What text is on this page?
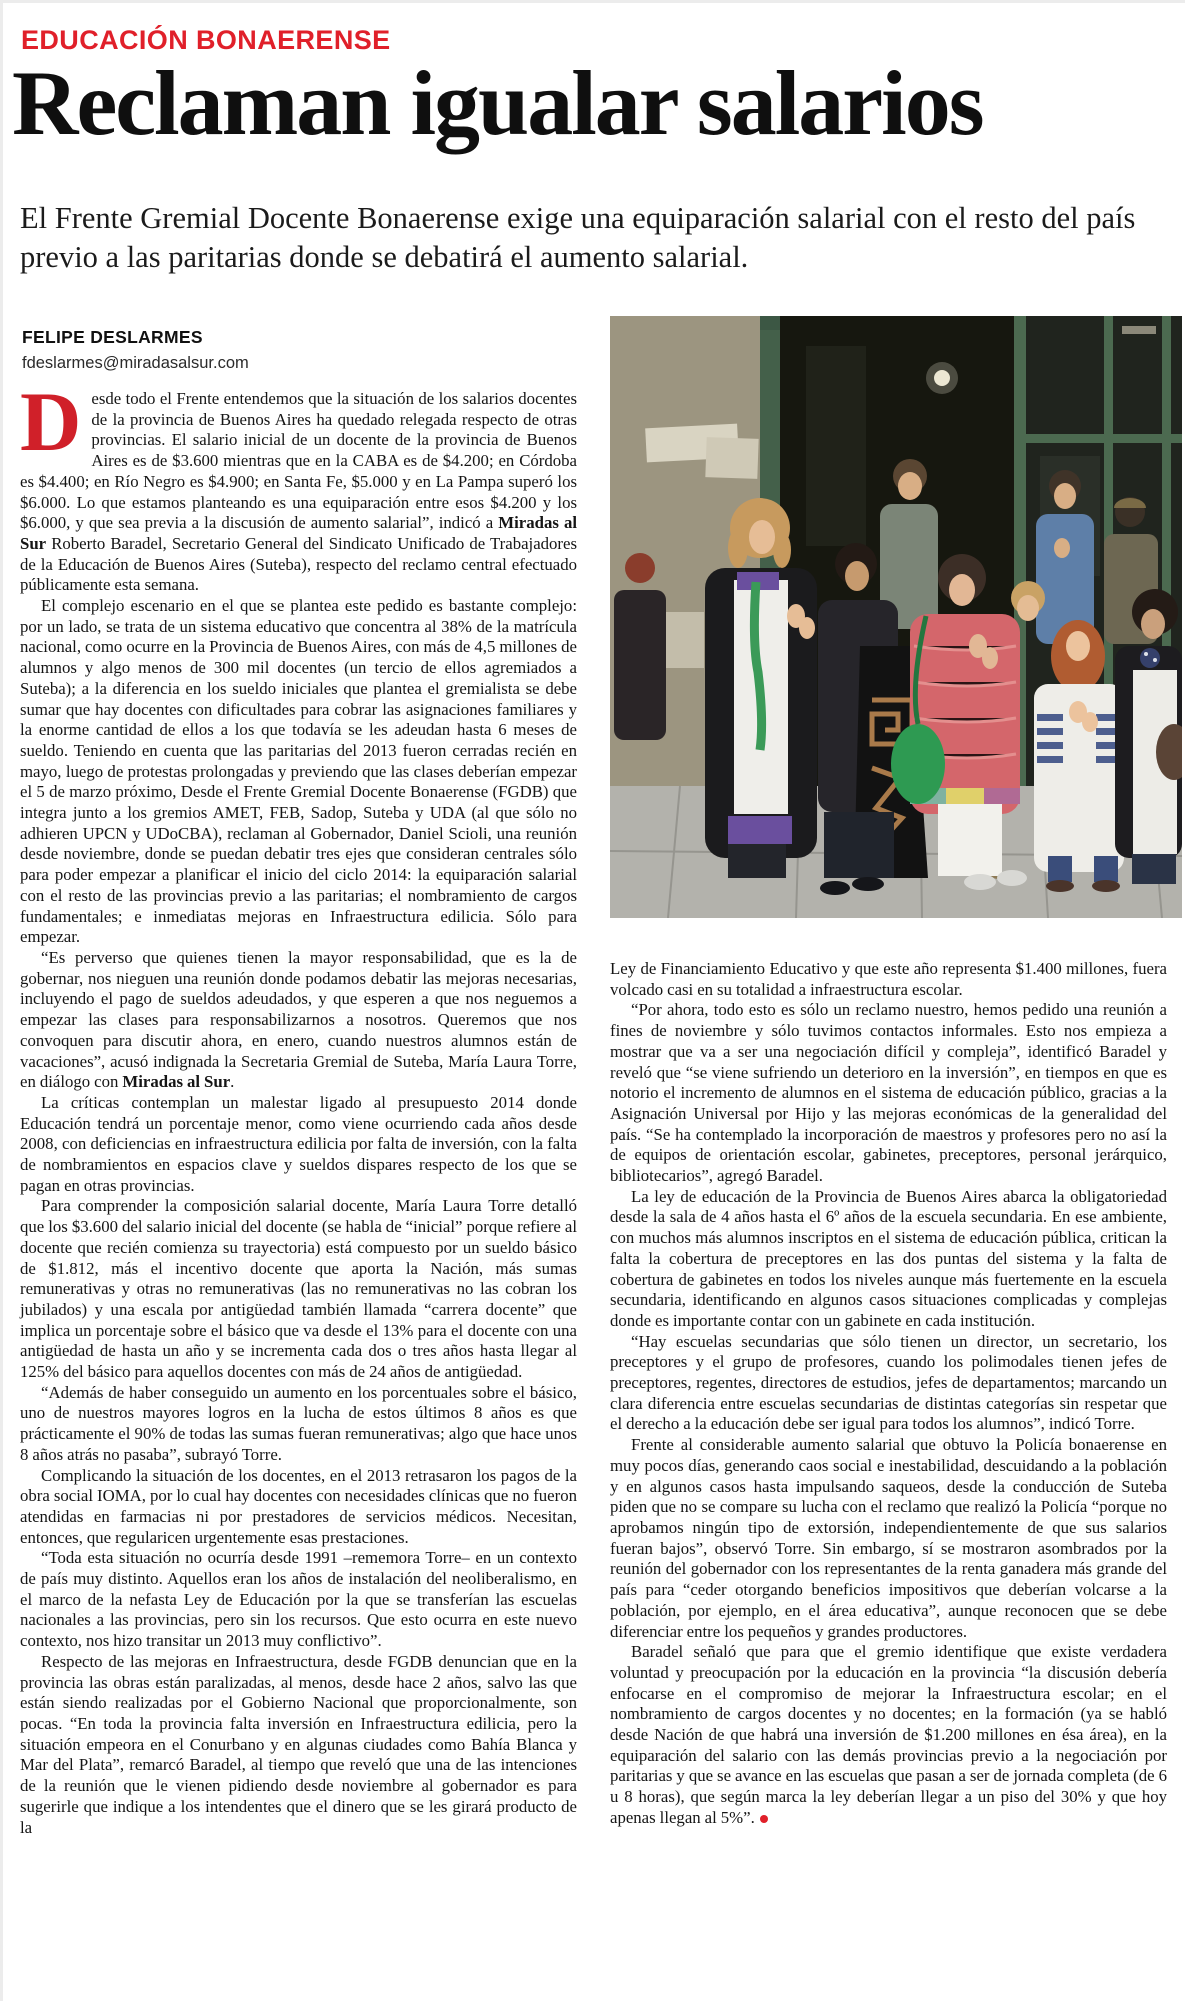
EDUCACIÓN BONAERENSE
Reclaman igualar salarios
El Frente Gremial Docente Bonaerense exige una equiparación salarial con el resto del país previo a las paritarias donde se debatirá el aumento salarial.
FELIPE DESLARMES
fdeslarmes@miradasalsur.com

Desde todo el Frente entendemos que la situación de los salarios docentes de la provincia de Buenos Aires ha quedado relegada respecto de otras provincias. El salario inicial de un docente de la provincia de Buenos Aires es de $3.600 mientras que en la CABA es de $4.200; en Córdoba es $4.400; en Río Negro es $4.900; en Santa Fe, $5.000 y en La Pampa superó los $6.000. Lo que estamos planteando es una equiparación entre esos $4.200 y los $6.000, y que sea previa a la discusión de aumento salarial”, indicó a Miradas al Sur Roberto Baradel, Secretario General del Sindicato Unificado de Trabajadores de la Educación de Buenos Aires (Suteba), respecto del reclamo central efectuado públicamente esta semana.

El complejo escenario en el que se plantea este pedido es bastante complejo: por un lado, se trata de un sistema educativo que concentra al 38% de la matrícula nacional, como ocurre en la Provincia de Buenos Aires, con más de 4,5 millones de alumnos y algo menos de 300 mil docentes (un tercio de ellos agremiados a Suteba); a la diferencia en los sueldo iniciales que plantea el gremialista se debe sumar que hay docentes con dificultades para cobrar las asignaciones familiares y la enorme cantidad de ellos a los que todavía se les adeudan hasta 6 meses de sueldo. Teniendo en cuenta que las paritarias del 2013 fueron cerradas recién en mayo, luego de protestas prolongadas y previendo que las clases deberían empezar el 5 de marzo próximo, Desde el Frente Gremial Docente Bonaerense (FGDB) que integra junto a los gremios AMET, FEB, Sadop, Suteba y UDA (al que sólo no adhieren UPCN y UDoCBA), reclaman al Gobernador, Daniel Scioli, una reunión desde noviembre, donde se puedan debatir tres ejes que consideran centrales sólo para poder empezar a planificar el inicio del ciclo 2014: la equiparación salarial con el resto de las provincias previo a las paritarias; el nombramiento de cargos fundamentales; e inmediatas mejoras en Infraestructura edilicia. Sólo para empezar.

“Es perverso que quienes tienen la mayor responsabilidad, que es la de gobernar, nos nieguen una reunión donde podamos debatir las mejoras necesarias, incluyendo el pago de sueldos adeudados, y que esperen a que nos neguemos a empezar las clases para responsabilizarnos a nosotros. Queremos que nos convoquen para discutir ahora, en enero, cuando nuestros alumnos están de vacaciones”, acusó indignada la Secretaria Gremial de Suteba, María Laura Torre, en diálogo con Miradas al Sur.

La críticas contemplan un malestar ligado al presupuesto 2014 donde Educación tendrá un porcentaje menor, como viene ocurriendo cada años desde 2008, con deficiencias en infraestructura edilicia por falta de inversión, con la falta de nombramientos en espacios clave y sueldos dispares respecto de los que se pagan en otras provincias.

Para comprender la composición salarial docente, María Laura Torre detalló que los $3.600 del salario inicial del docente (se habla de “inicial” porque refiere al docente que recién comienza su trayectoria) está compuesto por un sueldo básico de $1.812, más el incentivo docente que aporta la Nación, más sumas remunerativas y otras no remunerativas (las no remunerativas no las cobran los jubilados) y una escala por antigüedad también llamada “carrera docente” que implica un porcentaje sobre el básico que va desde el 13% para el docente con una antigüedad de hasta un año y se incrementa cada dos o tres años hasta llegar al 125% del básico para aquellos docentes con más de 24 años de antigüedad.

“Además de haber conseguido un aumento en los porcentuales sobre el básico, uno de nuestros mayores logros en la lucha de estos últimos 8 años es que prácticamente el 90% de todas las sumas fueran remunerativas; algo que hace unos 8 años atrás no pasaba”, subrayó Torre.

Complicando la situación de los docentes, en el 2013 retrasaron los pagos de la obra social IOMA, por lo cual hay docentes con necesidades clínicas que no fueron atendidas en farmacias ni por prestadores de servicios médicos. Necesitan, entonces, que regularicen urgentemente esas prestaciones.

“Toda esta situación no ocurría desde 1991 –rememora Torre– en un contexto de país muy distinto. Aquellos eran los años de instalación del neoliberalismo, en el marco de la nefasta Ley de Educación por la que se transferían las escuelas nacionales a las provincias, pero sin los recursos. Que esto ocurra en este nuevo contexto, nos hizo transitar un 2013 muy conflictivo”.

Respecto de las mejoras en Infraestructura, desde FGDB denuncian que en la provincia las obras están paralizadas, al menos, desde hace 2 años, salvo las que están siendo realizadas por el Gobierno Nacional que proporcionalmente, son pocas. “En toda la provincia falta inversión en Infraestructura edilicia, pero la situación empeora en el Conurbano y en algunas ciudades como Bahía Blanca y Mar del Plata”, remarcó Baradel, al tiempo que reveló que una de las intenciones de la reunión que le vienen pidiendo desde noviembre al gobernador es para sugerirle que indique a los intendentes que el dinero que se les girará producto de la

Ley de Financiamiento Educativo y que este año representa $1.400 millones, fuera volcado casi en su totalidad a infraestructura escolar.

“Por ahora, todo esto es sólo un reclamo nuestro, hemos pedido una reunión a fines de noviembre y sólo tuvimos contactos informales. Esto nos empieza a mostrar que va a ser una negociación difícil y compleja”, identificó Baradel y reveló que “se viene sufriendo un deterioro en la inversión”, en tiempos en que es notorio el incremento de alumnos en el sistema de educación público, gracias a la Asignación Universal por Hijo y las mejoras económicas de la generalidad del país. “Se ha contemplado la incorporación de maestros y profesores pero no así la de equipos de orientación escolar, gabinetes, preceptores, personal jerárquico, bibliotecarios”, agregó Baradel.

La ley de educación de la Provincia de Buenos Aires abarca la obligatoriedad desde la sala de 4 años hasta el 6º años de la escuela secundaria. En ese ambiente, con muchos más alumnos inscriptos en el sistema de educación pública, critican la falta la cobertura de preceptores en las dos puntas del sistema y la falta de cobertura de gabinetes en todos los niveles aunque más fuertemente en la escuela secundaria, identificando en algunos casos situaciones complicadas y complejas donde es importante contar con un gabinete en cada institución.

“Hay escuelas secundarias que sólo tienen un director, un secretario, los preceptores y el grupo de profesores, cuando los polimodales tienen jefes de preceptores, regentes, directores de estudios, jefes de departamentos; marcando un clara diferencia entre escuelas secundarias de distintas categorías sin respetar que el derecho a la educación debe ser igual para todos los alumnos”, indicó Torre.

Frente al considerable aumento salarial que obtuvo la Policía bonaerense en muy pocos días, generando caos social e inestabilidad, descuidando a la población y en algunos casos hasta impulsando saqueos, desde la conducción de Suteba piden que no se compare su lucha con el reclamo que realizó la Policía “porque no aprobamos ningún tipo de extorsión, independientemente de que sus salarios fueran bajos”, observó Torre. Sin embargo, sí se mostraron asombrados por la reunión del gobernador con los representantes de la renta ganadera más grande del país para “ceder otorgando beneficios impositivos que deberían volcarse a la población, por ejemplo, en el área educativa”, aunque reconocen que se debe diferenciar entre los pequeños y grandes productores.

Baradel señaló que para que el gremio identifique que existe verdadera voluntad y preocupación por la educación en la provincia “la discusión debería enfocarse en el compromiso de mejorar la Infraestructura escolar; en el nombramiento de cargos docentes y no docentes; en la formación (ya se habló desde Nación de que habrá una inversión de $1.200 millones en ésa área), en la equiparación del salario con las demás provincias previo a la negociación por paritarias y que se avance en las escuelas que pasan a ser de jornada completa (de 6 u 8 horas), que según marca la ley deberían llegar a un piso del 30% y que hoy apenas llegan al 5%”.
